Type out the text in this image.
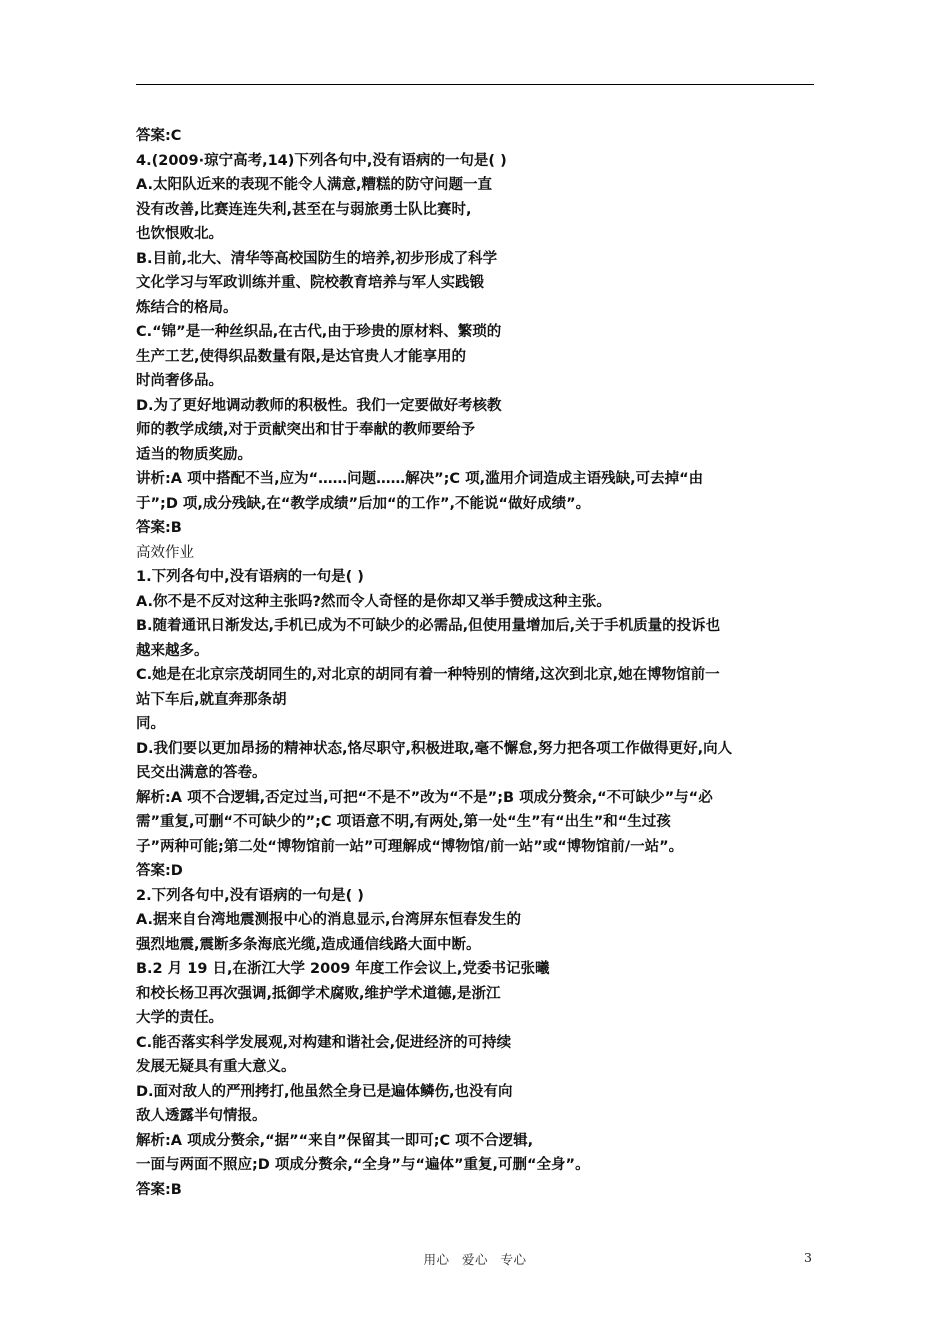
答案:C
4.(2009·琼宁高考,14)下列各句中,没有语病的一句是( )
A.太阳队近来的表现不能令人满意,糟糕的防守问题一直
没有改善,比赛连连失利,甚至在与弱旅勇士队比赛时,
也饮恨败北。
B.目前,北大、清华等高校国防生的培养,初步形成了科学
文化学习与军政训练并重、院校教育培养与军人实践锻
炼结合的格局。
C.“锦”是一种丝织品,在古代,由于珍贵的原材料、繁琐的
生产工艺,使得织品数量有限,是达官贵人才能享用的
时尚奢侈品。
D.为了更好地调动教师的积极性。我们一定要做好考核教
师的教学成绩,对于贡献突出和甘于奉献的教师要给予
适当的物质奖励。
讲析:A 项中搭配不当,应为“……问题……解决”;C 项,滥用介词造成主语残缺,可去掉“由
于”;D 项,成分残缺,在“教学成绩”后加“的工作”,不能说“做好成绩”。
答案:B
高效作业
1.下列各句中,没有语病的一句是( )
A.你不是不反对这种主张吗?然而令人奇怪的是你却又举手赞成这种主张。
B.随着通讯日渐发达,手机已成为不可缺少的必需品,但使用量增加后,关于手机质量的投诉也
越来越多。
C.她是在北京宗茂胡同生的,对北京的胡同有着一种特别的情绪,这次到北京,她在博物馆前一
站下车后,就直奔那条胡
同。
D.我们要以更加昂扬的精神状态,恪尽职守,积极进取,毫不懈怠,努力把各项工作做得更好,向人
民交出满意的答卷。
解析:A 项不合逻辑,否定过当,可把“不是不”改为“不是”;B 项成分赘余,“不可缺少”与“必
需”重复,可删“不可缺少的”;C 项语意不明,有两处,第一处“生”有“出生”和“生过孩
子”两种可能;第二处“博物馆前一站”可理解成“博物馆/前一站”或“博物馆前/一站”。
答案:D
2.下列各句中,没有语病的一句是( )
A.据来自台湾地震测报中心的消息显示,台湾屏东恒春发生的
强烈地震,震断多条海底光缆,造成通信线路大面中断。
B.2 月 19 日,在浙江大学 2009 年度工作会议上,党委书记张曦
和校长杨卫再次强调,抵御学术腐败,维护学术道德,是浙江
大学的责任。
C.能否落实科学发展观,对构建和谐社会,促进经济的可持续
发展无疑具有重大意义。
D.面对敌人的严刑拷打,他虽然全身已是遍体鳞伤,也没有向
敌人透露半句情报。
解析:A 项成分赘余,“据”“来自”保留其一即可;C 项不合逻辑,
一面与两面不照应;D 项成分赘余,“全身”与“遍体”重复,可删“全身”。
答案:B
用心 爱心 专心	3
